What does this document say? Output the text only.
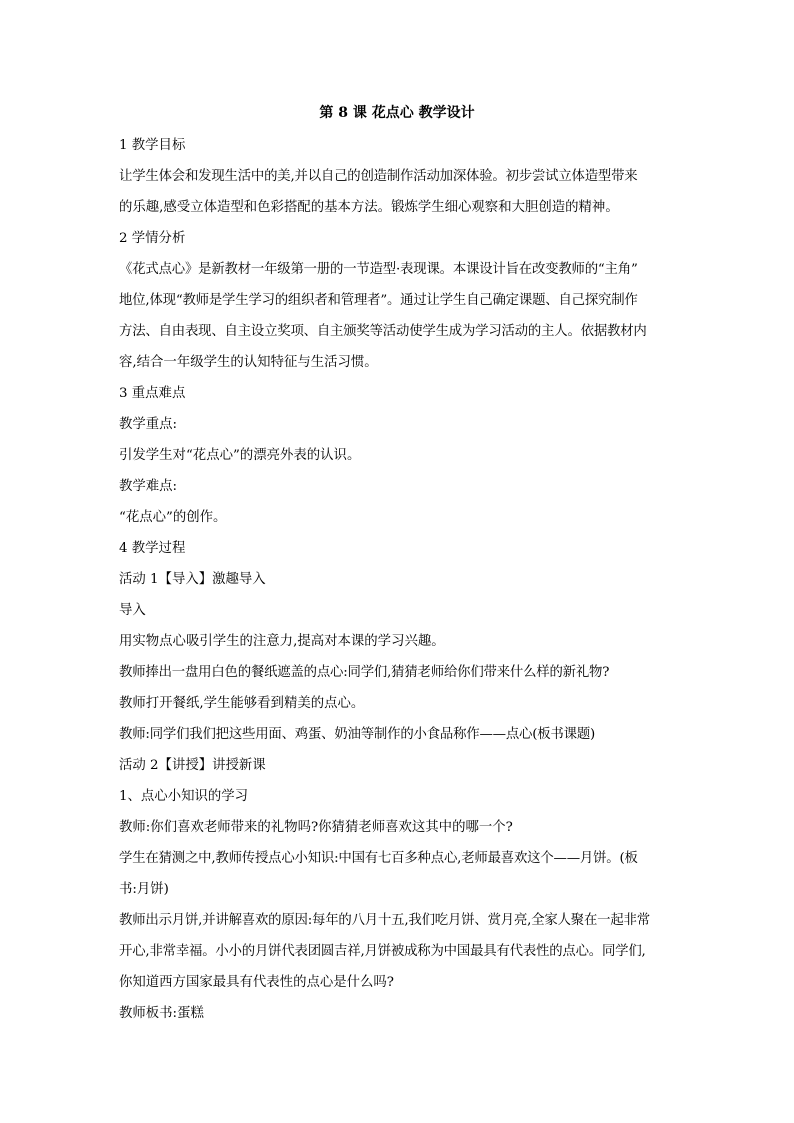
第 8 课 花点心 教学设计
1 教学目标
让学生体会和发现生活中的美,并以自己的创造制作活动加深体验。初步尝试立体造型带来
的乐趣,感受立体造型和色彩搭配的基本方法。锻炼学生细心观察和大胆创造的精神。
2 学情分析
《花式点心》是新教材一年级第一册的一节造型·表现课。本课设计旨在改变教师的“主角”
地位,体现“教师是学生学习的组织者和管理者”。通过让学生自己确定课题、自己探究制作
方法、自由表现、自主设立奖项、自主颁奖等活动使学生成为学习活动的主人。依据教材内
容,结合一年级学生的认知特征与生活习惯。
3 重点难点
教学重点:
引发学生对“花点心”的漂亮外表的认识。
教学难点:
“花点心”的创作。
4 教学过程
活动 1【导入】激趣导入
导入
用实物点心吸引学生的注意力,提高对本课的学习兴趣。
教师捧出一盘用白色的餐纸遮盖的点心:同学们,猜猜老师给你们带来什么样的新礼物?
教师打开餐纸,学生能够看到精美的点心。
教师:同学们我们把这些用面、鸡蛋、奶油等制作的小食品称作——点心(板书课题)
活动 2【讲授】讲授新课
1、点心小知识的学习
教师:你们喜欢老师带来的礼物吗?你猜猜老师喜欢这其中的哪一个?
学生在猜测之中,教师传授点心小知识:中国有七百多种点心,老师最喜欢这个——月饼。(板
书:月饼)
教师出示月饼,并讲解喜欢的原因:每年的八月十五,我们吃月饼、赏月亮,全家人聚在一起非常
开心,非常幸福。小小的月饼代表团圆吉祥,月饼被成称为中国最具有代表性的点心。同学们,
你知道西方国家最具有代表性的点心是什么吗?
教师板书:蛋糕
